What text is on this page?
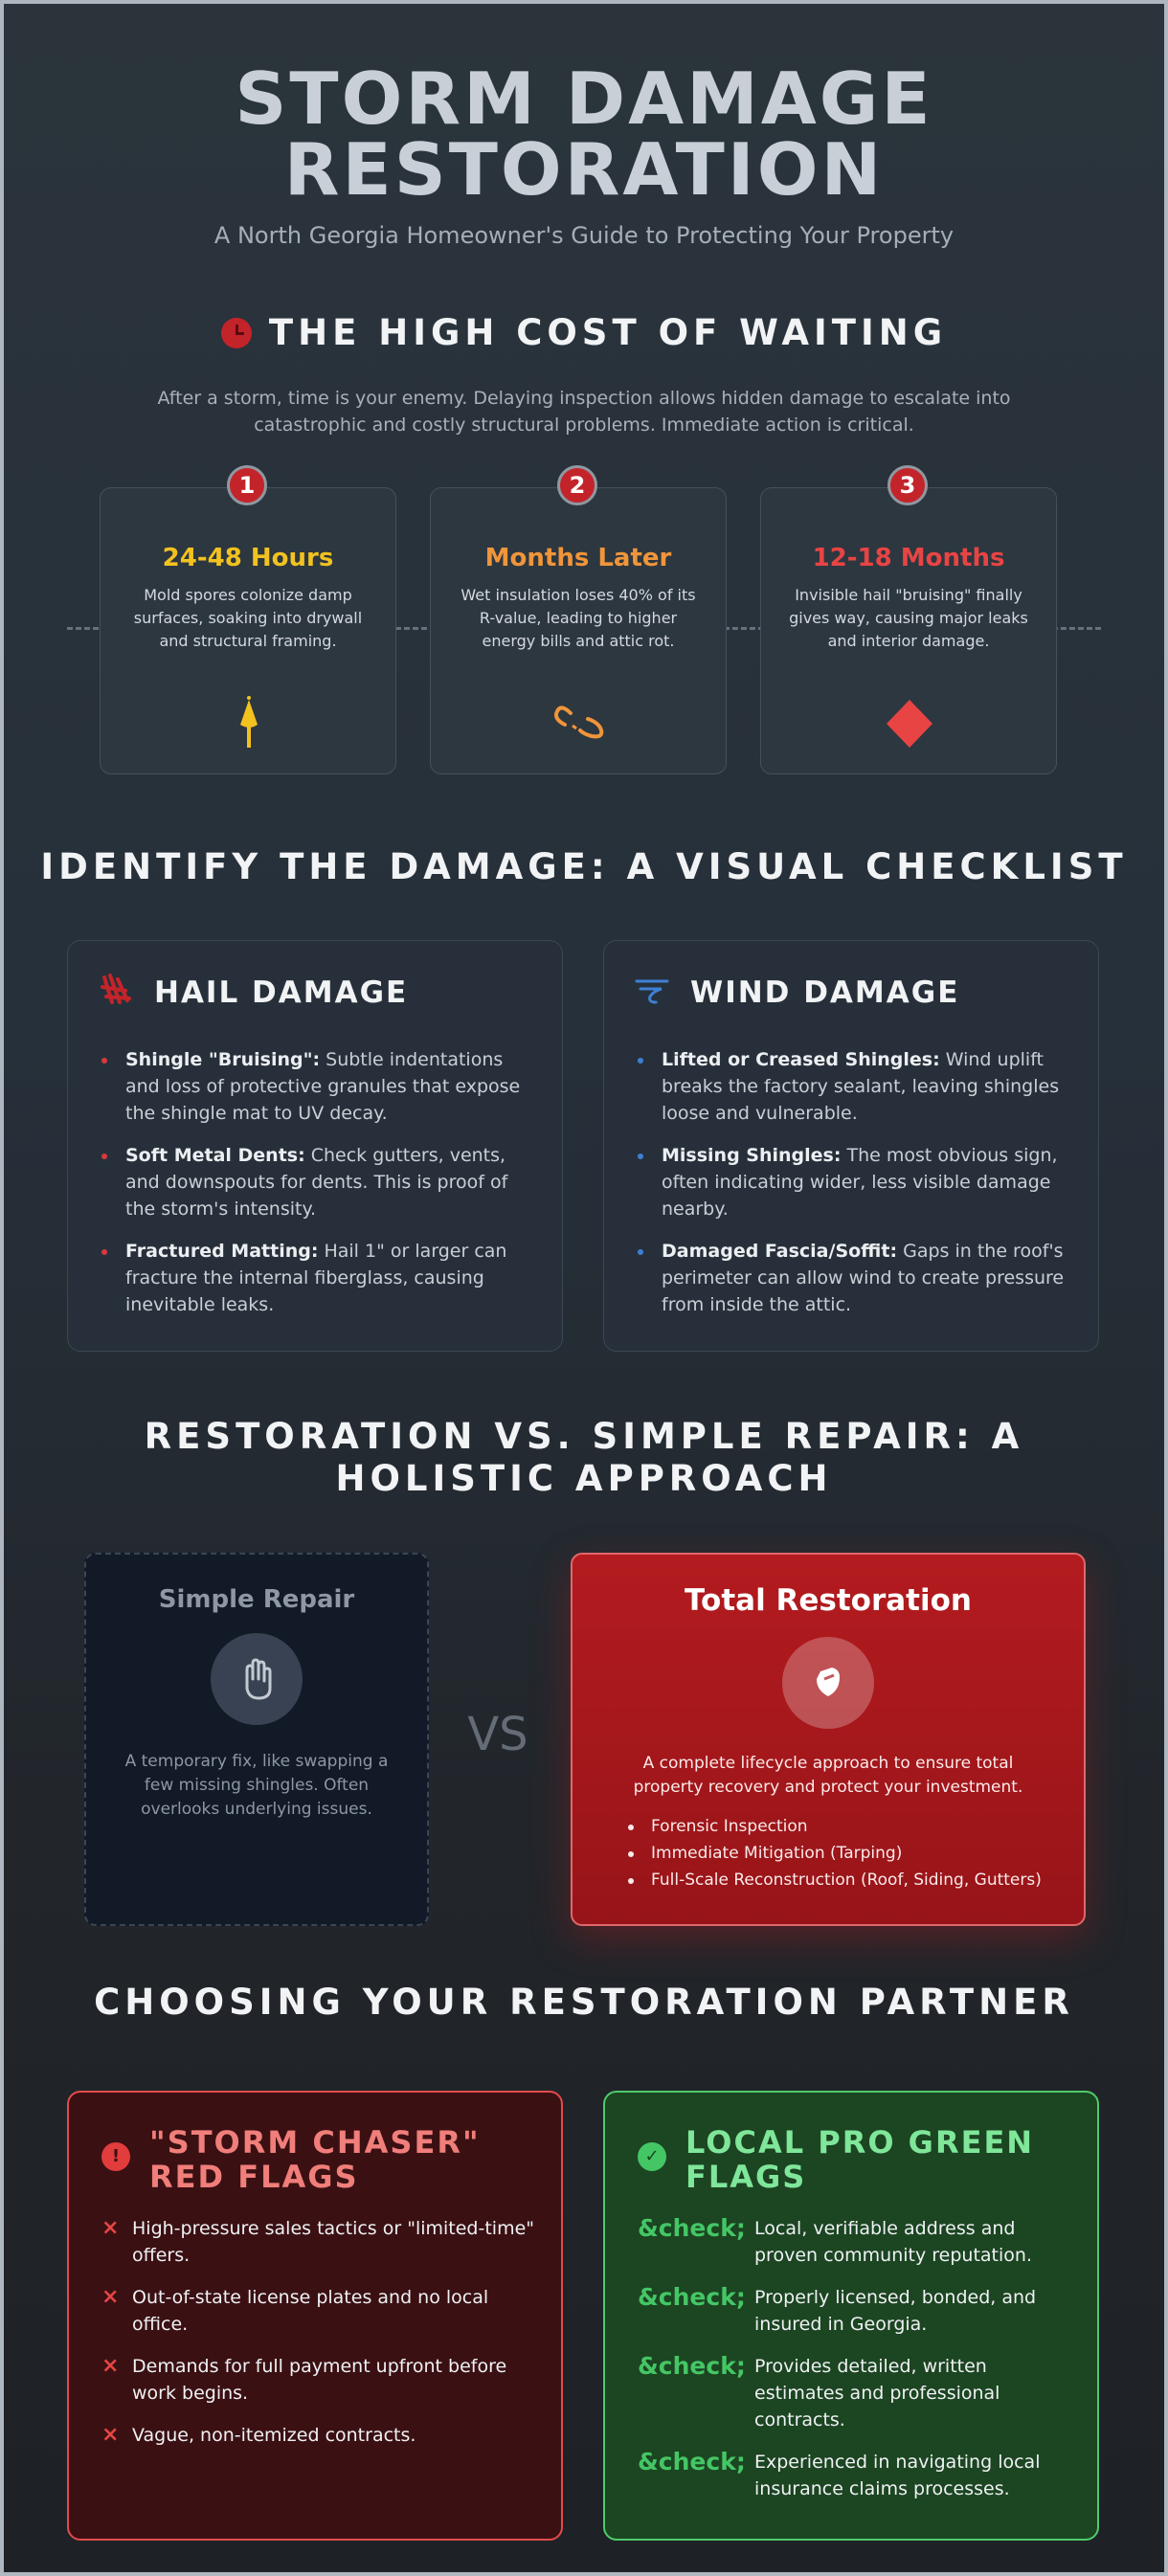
STORM DAMAGE
RESTORATION
A North Georgia Homeowner's Guide to Protecting Your Property
THE HIGH COST OF WAITING
After a storm, time is your enemy. Delaying inspection allows hidden damage to escalate into catastrophic and costly structural problems. Immediate action is critical.
1
24-48 Hours
Mold spores colonize damp surfaces, soaking into drywall and structural framing.
2
Months Later
Wet insulation loses 40% of its R-value, leading to higher energy bills and attic rot.
3
12-18 Months
Invisible hail "bruising" finally gives way, causing major leaks and interior damage.
IDENTIFY THE DAMAGE: A VISUAL CHECKLIST
HAIL DAMAGE
Shingle "Bruising": Subtle indentations and loss of protective granules that expose the shingle mat to UV decay.
Soft Metal Dents: Check gutters, vents, and downspouts for dents. This is proof of the storm's intensity.
Fractured Matting: Hail 1" or larger can fracture the internal fiberglass, causing inevitable leaks.
WIND DAMAGE
Lifted or Creased Shingles: Wind uplift breaks the factory sealant, leaving shingles loose and vulnerable.
Missing Shingles: The most obvious sign, often indicating wider, less visible damage nearby.
Damaged Fascia/Soffit: Gaps in the roof's perimeter can allow wind to create pressure from inside the attic.
RESTORATION VS. SIMPLE REPAIR: A
HOLISTIC APPROACH
Simple Repair
A temporary fix, like swapping a few missing shingles. Often overlooks underlying issues.
VS
Total Restoration
A complete lifecycle approach to ensure total property recovery and protect your investment.
Forensic Inspection
Immediate Mitigation (Tarping)
Full-Scale Reconstruction (Roof, Siding, Gutters)
CHOOSING YOUR RESTORATION PARTNER
! "STORM CHASER" RED FLAGS
× High-pressure sales tactics or "limited-time" offers.
× Out-of-state license plates and no local office.
× Demands for full payment upfront before work begins.
× Vague, non-itemized contracts.
✓ LOCAL PRO GREEN FLAGS
&check; Local, verifiable address and proven community reputation.
&check; Properly licensed, bonded, and insured in Georgia.
&check; Provides detailed, written estimates and professional contracts.
&check; Experienced in navigating local insurance claims processes.
